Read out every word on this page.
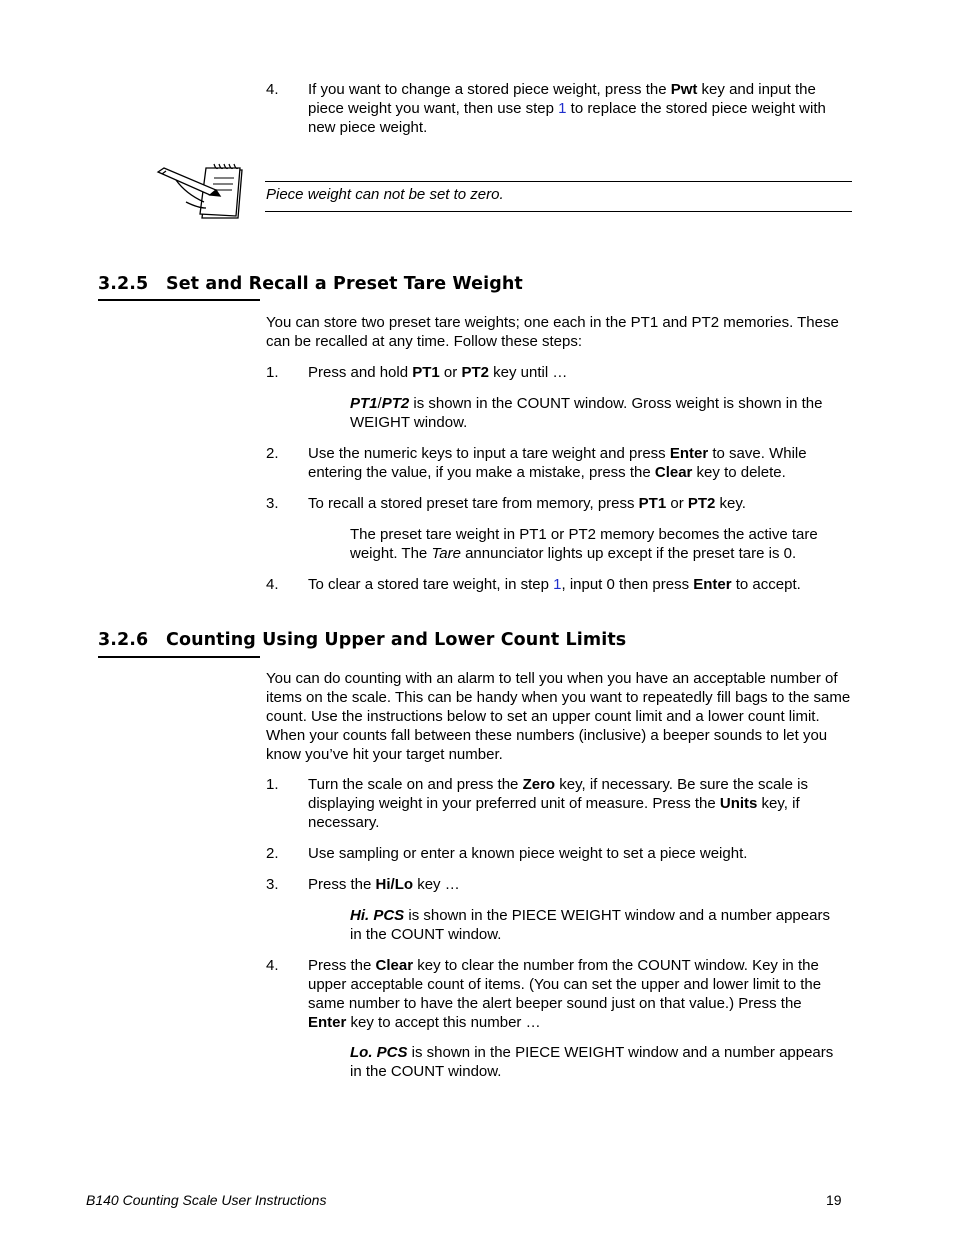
4. If you want to change a stored piece weight, press the Pwt key and input the
piece weight you want, then use step 1 to replace the stored piece weight with
new piece weight.
Piece weight can not be set to zero.
3.2.5 Set and Recall a Preset Tare Weight
You can store two preset tare weights; one each in the PT1 and PT2 memories. These
can be recalled at any time. Follow these steps:
1. Press and hold PT1 or PT2 key until …
PT1/PT2 is shown in the COUNT window. Gross weight is shown in the
WEIGHT window.
2. Use the numeric keys to input a tare weight and press Enter to save. While
entering the value, if you make a mistake, press the Clear key to delete.
3. To recall a stored preset tare from memory, press PT1 or PT2 key.
The preset tare weight in PT1 or PT2 memory becomes the active tare
weight. The Tare annunciator lights up except if the preset tare is 0.
4. To clear a stored tare weight, in step 1, input 0 then press Enter to accept.
3.2.6 Counting Using Upper and Lower Count Limits
You can do counting with an alarm to tell you when you have an acceptable number of
items on the scale. This can be handy when you want to repeatedly fill bags to the same
count. Use the instructions below to set an upper count limit and a lower count limit.
When your counts fall between these numbers (inclusive) a beeper sounds to let you
know you’ve hit your target number.
1. Turn the scale on and press the Zero key, if necessary. Be sure the scale is
displaying weight in your preferred unit of measure. Press the Units key, if
necessary.
2. Use sampling or enter a known piece weight to set a piece weight.
3. Press the Hi/Lo key …
Hi. PCS is shown in the PIECE WEIGHT window and a number appears
in the COUNT window.
4. Press the Clear key to clear the number from the COUNT window. Key in the
upper acceptable count of items. (You can set the upper and lower limit to the
same number to have the alert beeper sound just on that value.) Press the
Enter key to accept this number …
Lo. PCS is shown in the PIECE WEIGHT window and a number appears
in the COUNT window.
B140 Counting Scale User Instructions	19
